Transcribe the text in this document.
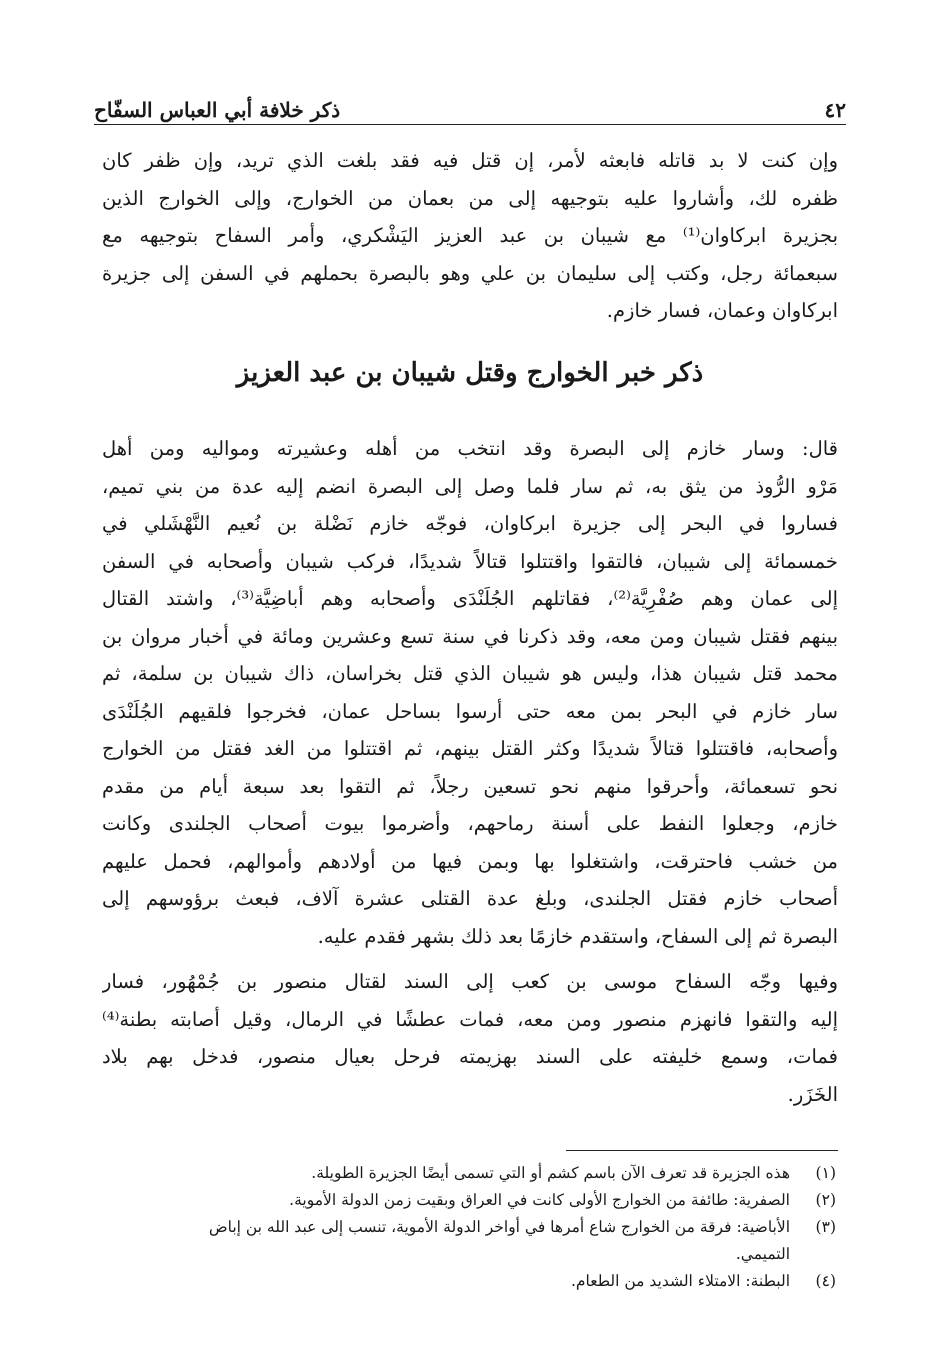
٤٢
ذكر خلافة أبي العباس السفّاح
وإن كنت لا بد قاتله فابعثه لأمر، إن قتل فيه فقد بلغت الذي تريد، وإن ظفر كان
ظفره لك، وأشاروا عليه بتوجيهه إلى من بعمان من الخوارج، وإلى الخوارج الذين
بجزيرة ابركاوان⁽¹⁾ مع شيبان بن عبد العزيز اليَشْكري، وأمر السفاح بتوجيهه مع
سبعمائة رجل، وكتب إلى سليمان بن علي وهو بالبصرة بحملهم في السفن إلى جزيرة
ابركاوان وعمان، فسار خازم.
ذكر خبر الخوارج وقتل شيبان بن عبد العزيز
قال: وسار خازم إلى البصرة وقد انتخب من أهله وعشيرته ومواليه ومن أهل
مَرْو الرُّوذ من يثق به، ثم سار فلما وصل إلى البصرة انضم إليه عدة من بني تميم،
فساروا في البحر إلى جزيرة ابركاوان، فوجّه خازم نَضْلة بن نُعيم النَّهْشَلي في
خمسمائة إلى شيبان، فالتقوا واقتتلوا قتالاً شديدًا، فركب شيبان وأصحابه في السفن
إلى عمان وهم صُفْرِيَّة⁽²⁾، فقاتلهم الجُلَنْدَى وأصحابه وهم أباضِيَّة⁽³⁾، واشتد القتال
بينهم فقتل شيبان ومن معه، وقد ذكرنا في سنة تسع وعشرين ومائة في أخبار مروان بن
محمد قتل شيبان هذا، وليس هو شيبان الذي قتل بخراسان، ذاك شيبان بن سلمة، ثم
سار خازم في البحر بمن معه حتى أرسوا بساحل عمان، فخرجوا فلقيهم الجُلَنْدَى
وأصحابه، فاقتتلوا قتالاً شديدًا وكثر القتل بينهم، ثم اقتتلوا من الغد فقتل من الخوارج
نحو تسعمائة، وأحرقوا منهم نحو تسعين رجلاً، ثم التقوا بعد سبعة أيام من مقدم
خازم، وجعلوا النفط على أسنة رماحهم، وأضرموا بيوت أصحاب الجلندى وكانت
من خشب فاحترقت، واشتغلوا بها وبمن فيها من أولادهم وأموالهم، فحمل عليهم
أصحاب خازم فقتل الجلندى، وبلغ عدة القتلى عشرة آلاف، فبعث برؤوسهم إلى
البصرة ثم إلى السفاح، واستقدم خازمًا بعد ذلك بشهر فقدم عليه.
وفيها وجّه السفاح موسى بن كعب إلى السند لقتال منصور بن جُمْهُور، فسار
إليه والتقوا فانهزم منصور ومن معه، فمات عطشًا في الرمال، وقيل أصابته بطنة⁽⁴⁾
فمات، وسمع خليفته على السند بهزيمته فرحل بعيال منصور، فدخل بهم بلاد
الخَزَر.
(١)
هذه الجزيرة قد تعرف الآن باسم كشم أو التي تسمى أيضًا الجزيرة الطويلة.
(٢)
الصفرية: طائفة من الخوارج الأولى كانت في العراق وبقيت زمن الدولة الأموية.
(٣)
الأباضية: فرقة من الخوارج شاع أمرها في أواخر الدولة الأموية، تنسب إلى عبد الله بن إباض
التميمي.
(٤)
البطنة: الامتلاء الشديد من الطعام.
